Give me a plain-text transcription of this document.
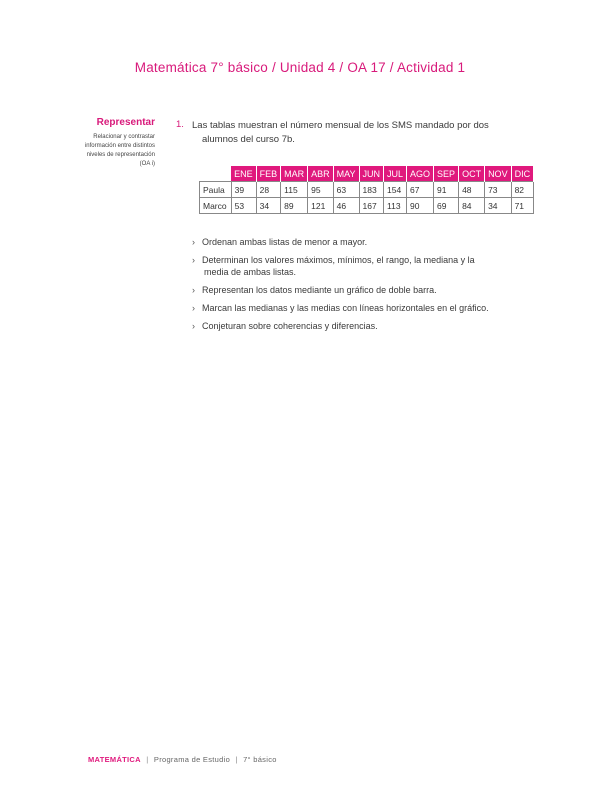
Matemática 7° básico / Unidad 4 / OA 17 / Actividad 1
Representar
Relacionar y contrastar
información entre distintos
niveles de representación
(OA i)
1. Las tablas muestran el número mensual de los SMS mandado por dos
alumnos del curso 7b.
	ENE	FEB	MAR	ABR	MAY	JUN	JUL	AGO	SEP	OCT	NOV	DIC
Paula	39	28	115	95	63	183	154	67	91	48	73	82
Marco	53	34	89	121	46	167	113	90	69	84	34	71
› Ordenan ambas listas de menor a mayor.
› Determinan los valores máximos, mínimos, el rango, la mediana y la
media de ambas listas.
› Representan los datos mediante un gráfico de doble barra.
› Marcan las medianas y las medias con líneas horizontales en el gráfico.
› Conjeturan sobre coherencias y diferencias.
MATEMÁTICA | Programa de Estudio | 7° básico
